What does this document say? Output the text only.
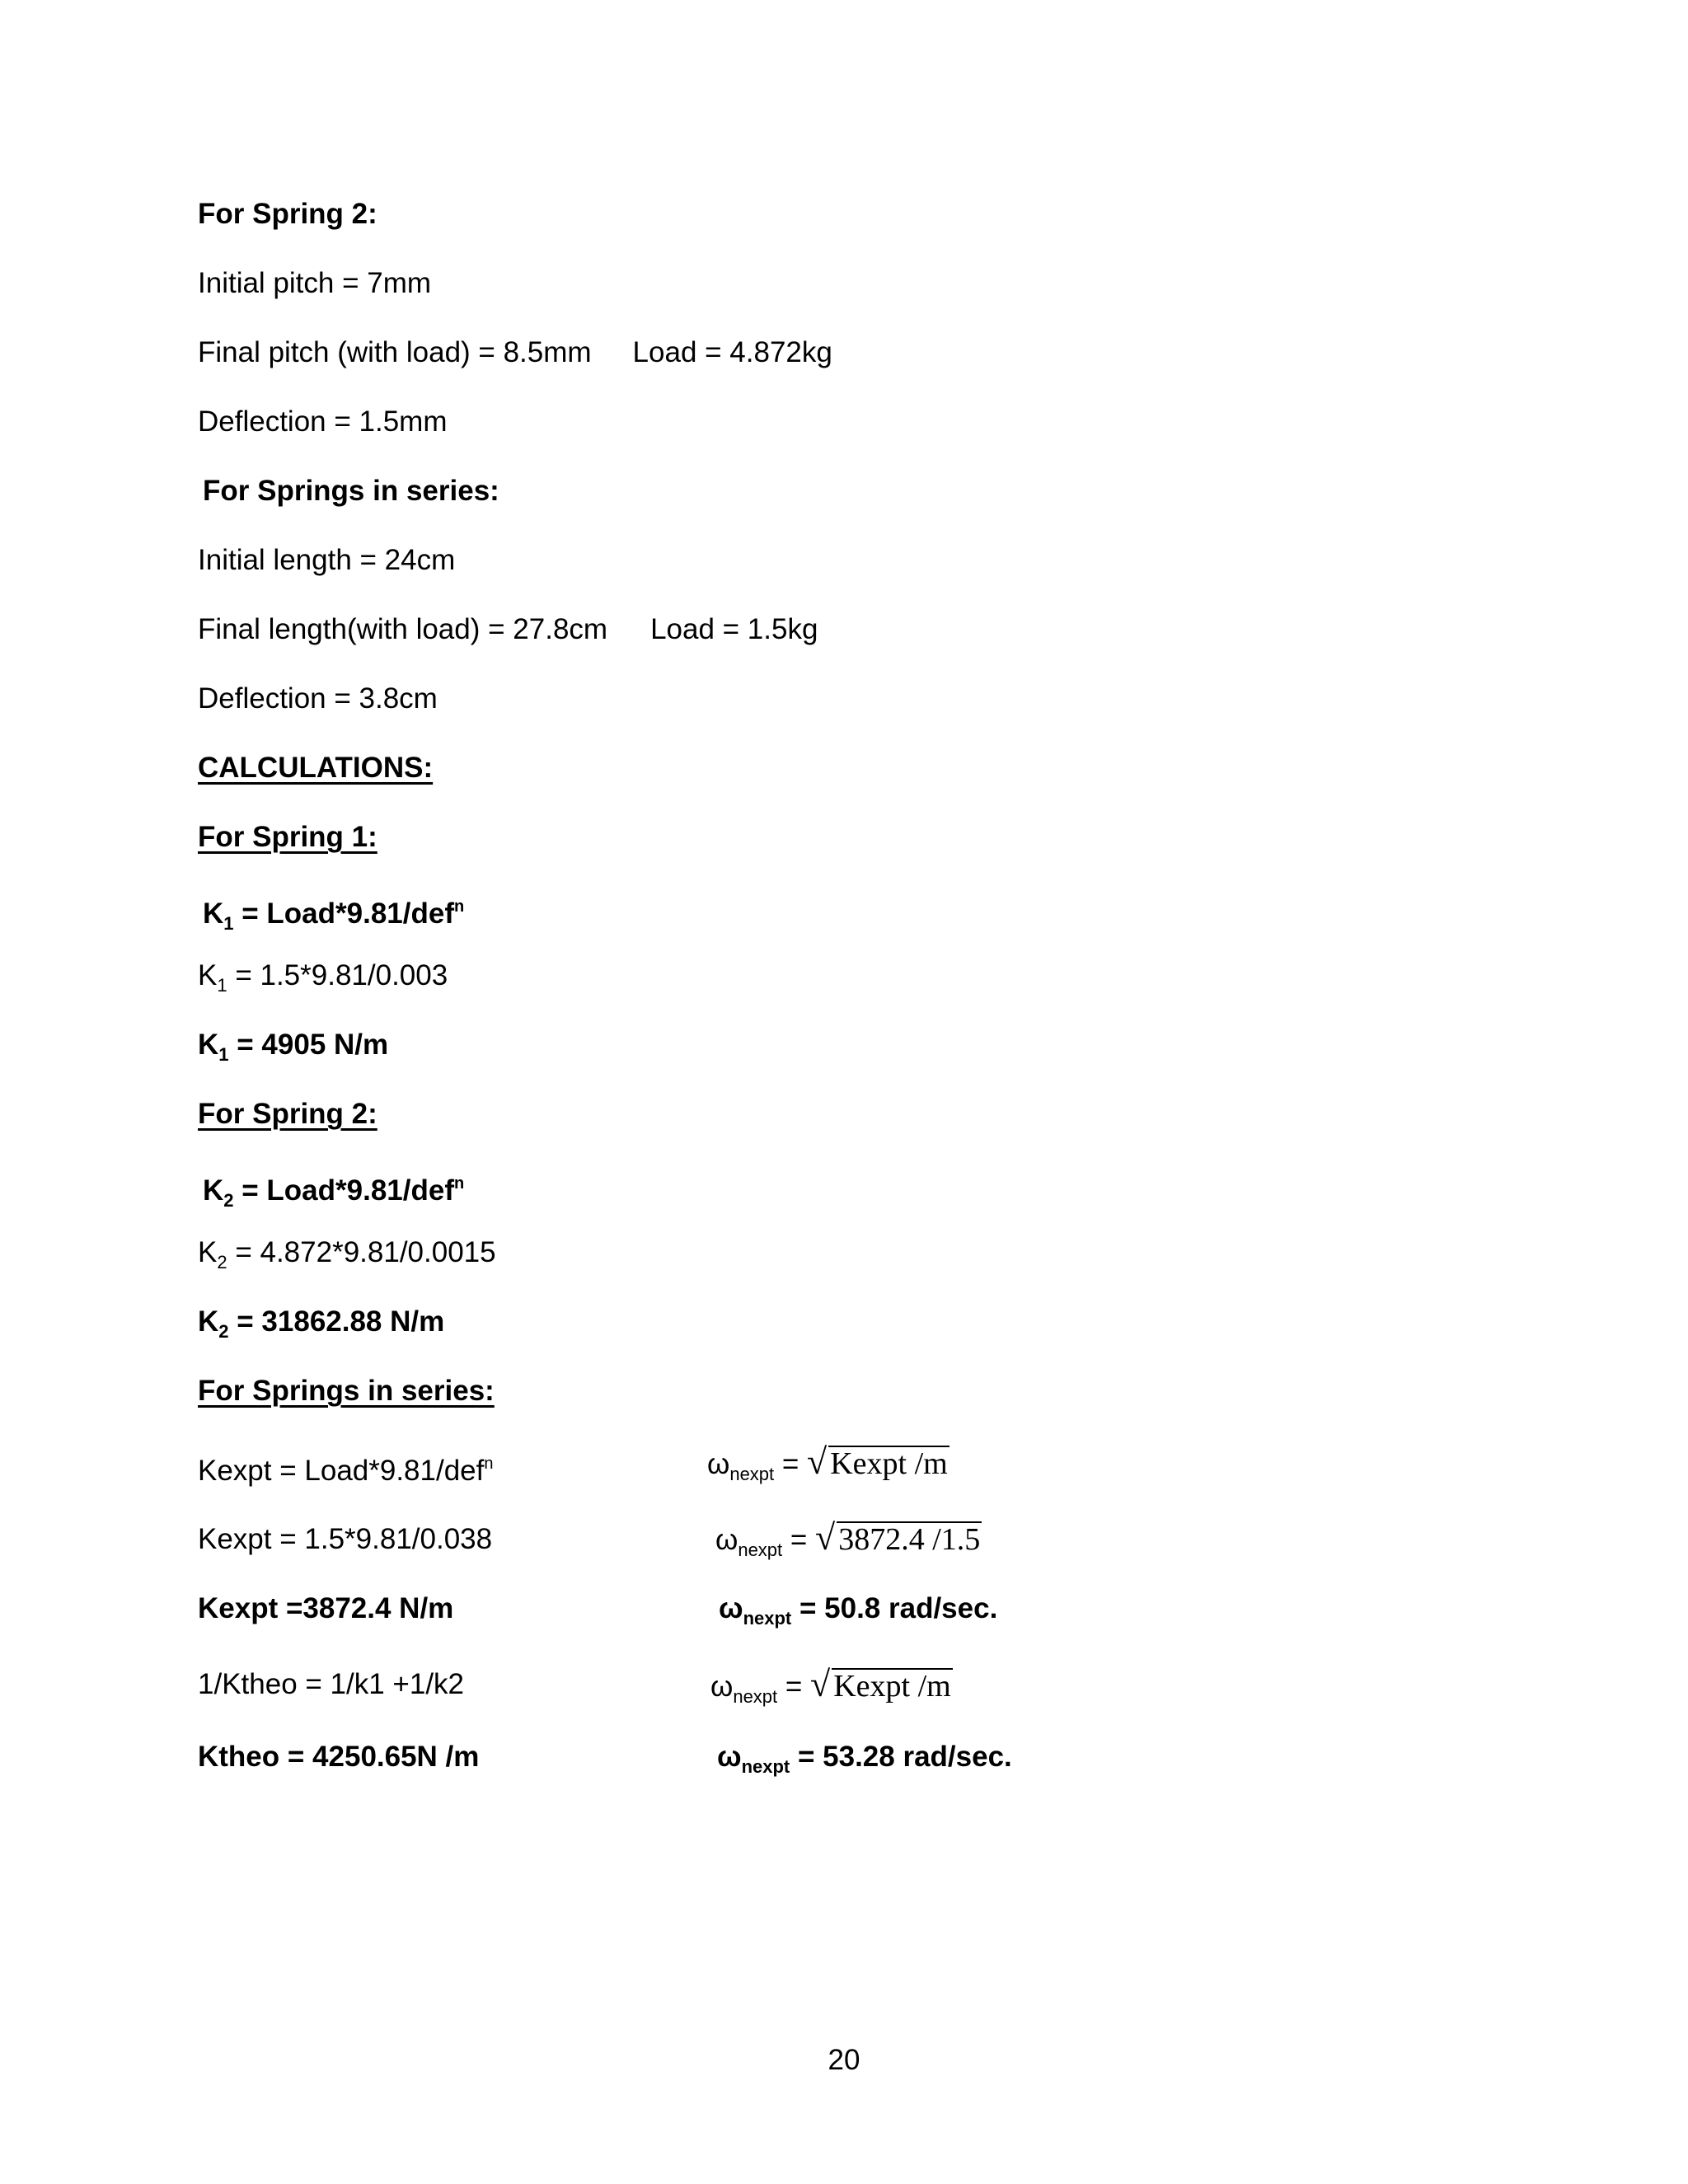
For Spring 2:
Initial pitch = 7mm
Final pitch (with load) = 8.5mm Load = 4.872kg
Deflection = 1.5mm
For Springs in series:
Initial length = 24cm
Final length(with load) = 27.8cm Load = 1.5kg
Deflection = 3.8cm
CALCULATIONS:
For Spring 1:
$K_1$ = Load*9.81/def$^n$
$K_1 = 1.5*9.81/0.003$
$K_1 = 4905$ N/m
For Spring 2:
$K_2$ = Load*9.81/def$^n$
$K_2 = 4.872*9.81/0.0015$
$K_2 = 31862.88$ N/m
For Springs in series:
Kexpt = Load*9.81/def$^n$
Kexpt = 1.5*9.81/0.038
Kexpt =3872.4 N/m
1/Ktheo = 1/k1 +1/k2
Ktheo = 4250.65N /m
$\omega_{nexpt}$ = √ Kexpt /m
$\omega_{nexpt}$ = √ 3872.4 /1.5
$\omega_{nexpt} = 50.8$ rad/sec.
$\omega_{nexpt}$ = √ Kexpt /m
$\omega_{nexpt} = 53.28$ rad/sec.
20
